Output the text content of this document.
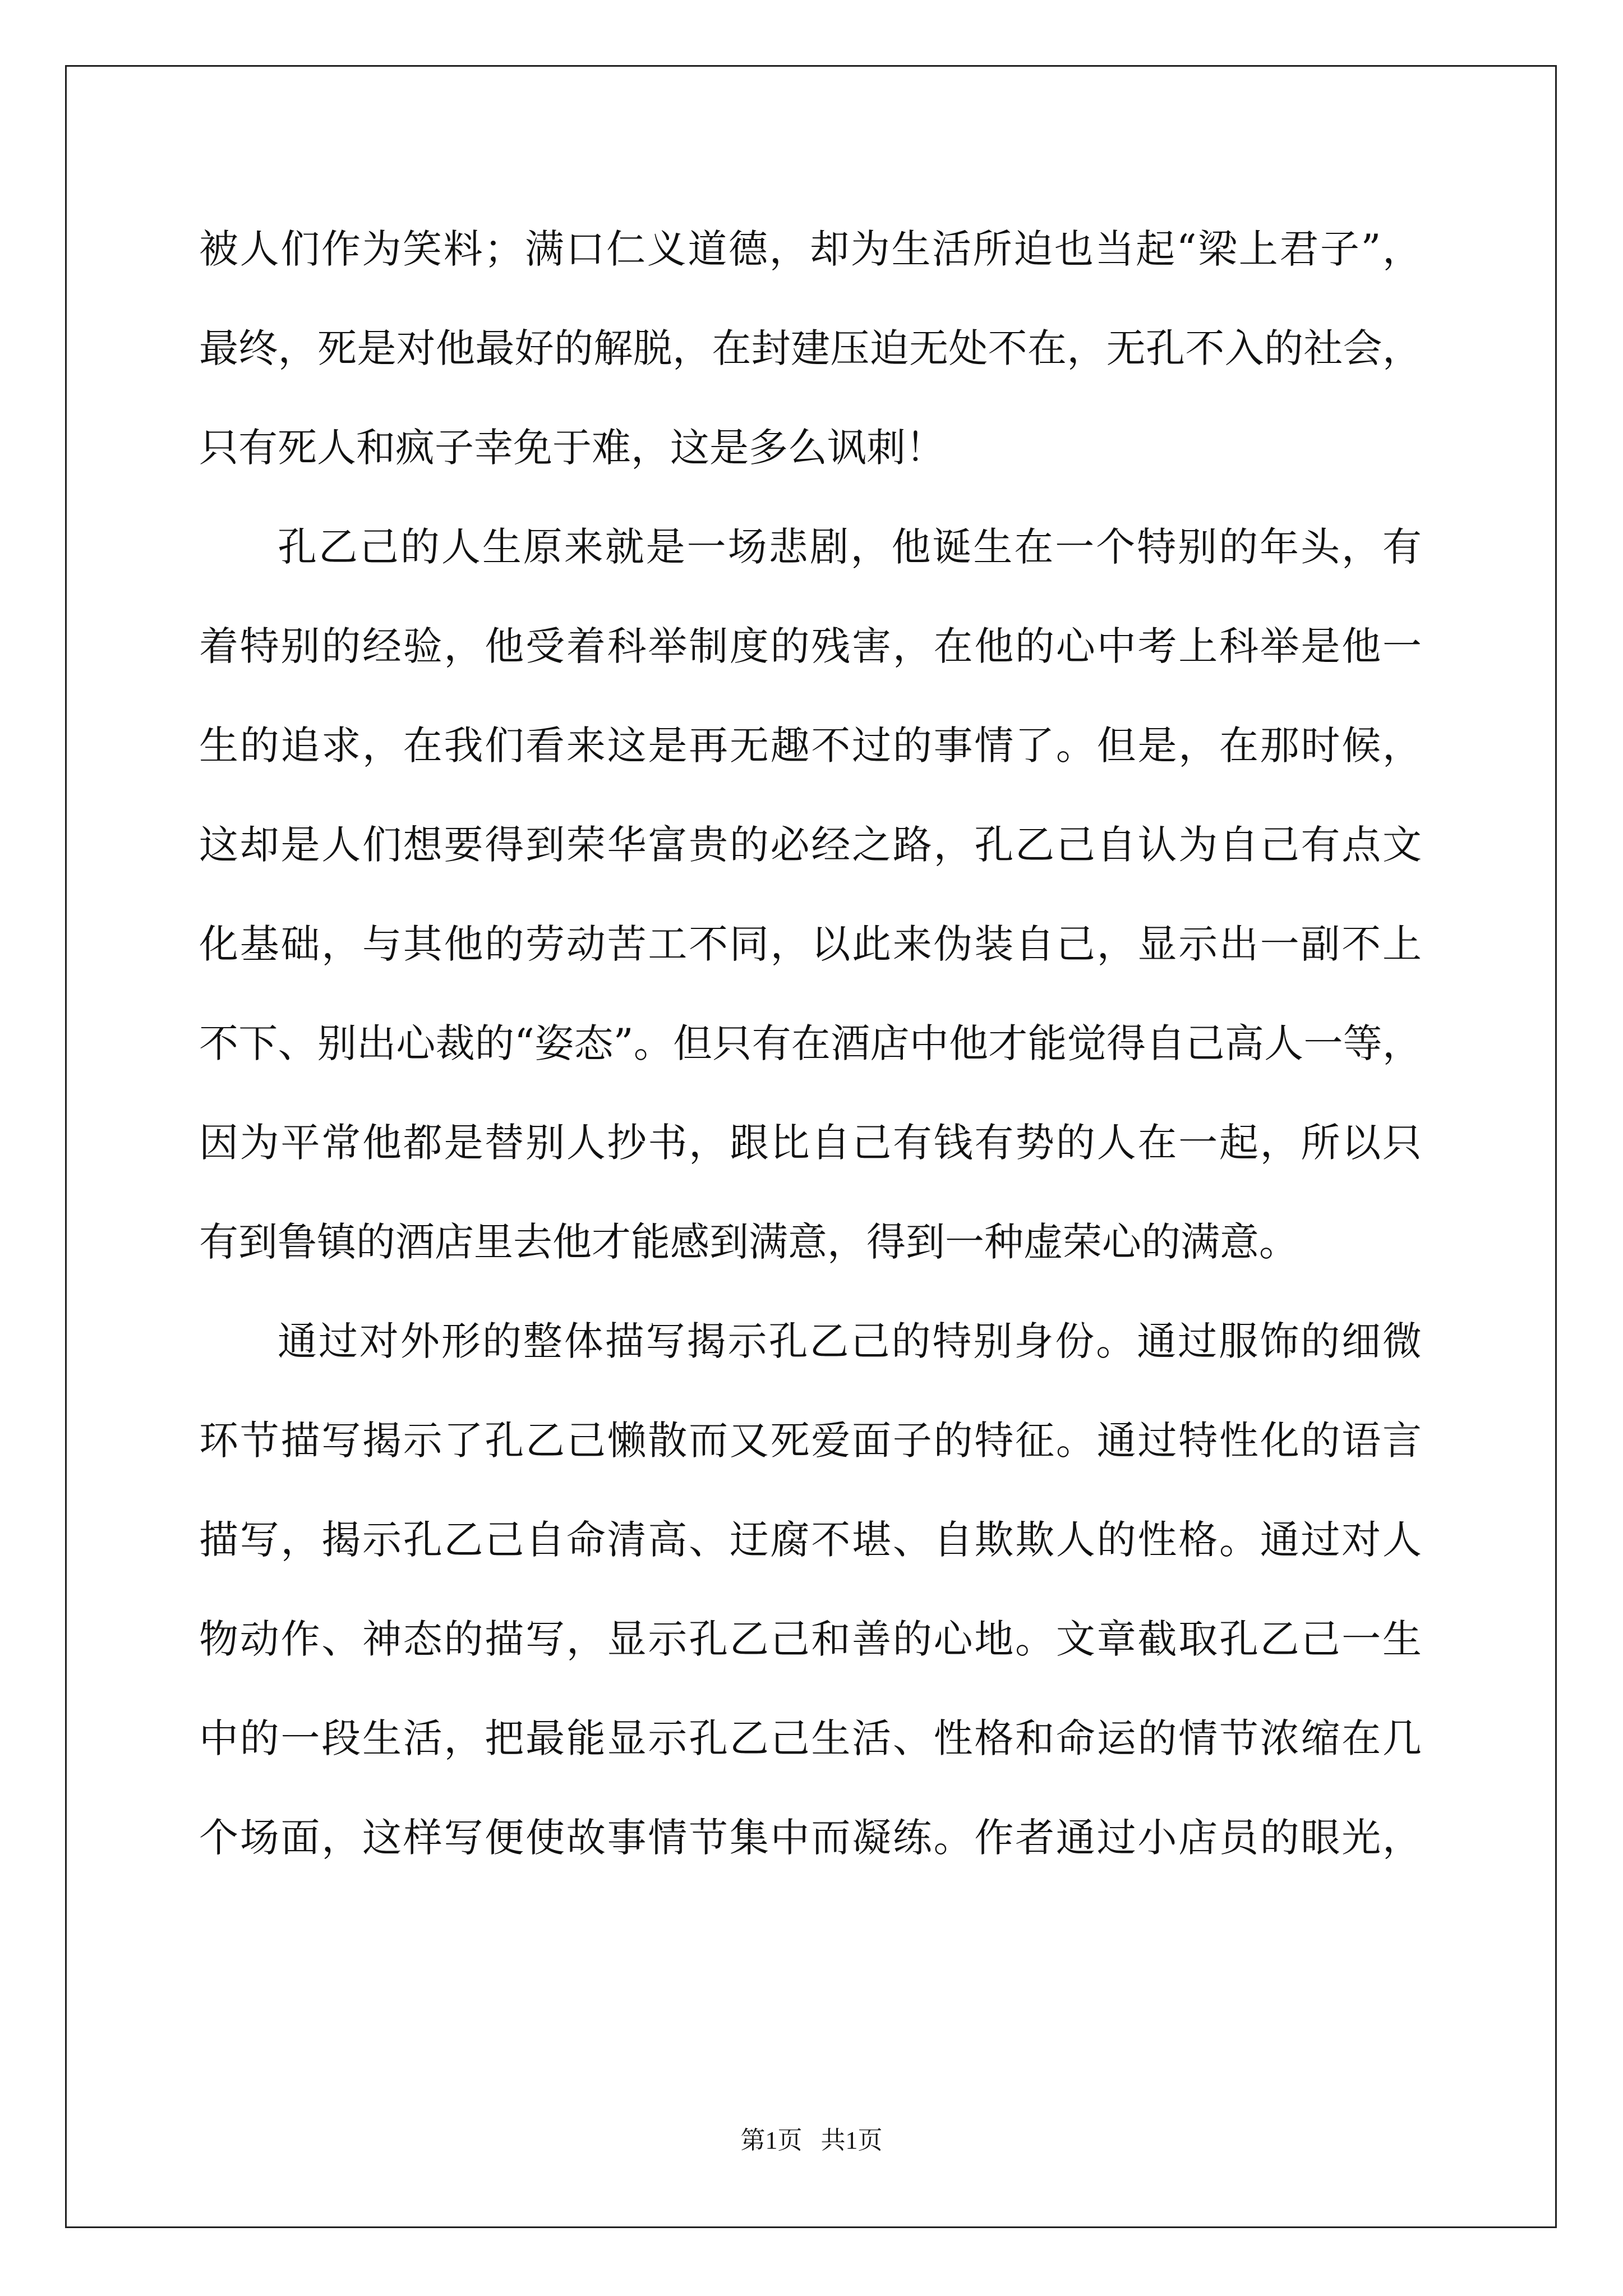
被人们作为笑料；满口仁义道德，却为生活所迫也当起“梁上君子”，
最终，死是对他最好的解脱，在封建压迫无处不在，无孔不入的社会，
只有死人和疯子幸免于难，这是多么讽刺！
孔乙己的人生原来就是一场悲剧，他诞生在一个特别的年头，有
着特别的经验，他受着科举制度的残害，在他的心中考上科举是他一
生的追求，在我们看来这是再无趣不过的事情了。但是，在那时候，
这却是人们想要得到荣华富贵的必经之路，孔乙己自认为自己有点文
化基础，与其他的劳动苦工不同，以此来伪装自己，显示出一副不上
不下、别出心裁的“姿态”。但只有在酒店中他才能觉得自己高人一等，
因为平常他都是替别人抄书，跟比自己有钱有势的人在一起，所以只
有到鲁镇的酒店里去他才能感到满意，得到一种虚荣心的满意。
通过对外形的整体描写揭示孔乙己的特别身份。通过服饰的细微
环节描写揭示了孔乙己懒散而又死爱面子的特征。通过特性化的语言
描写，揭示孔乙己自命清高、迂腐不堪、自欺欺人的性格。通过对人
物动作、神态的描写，显示孔乙己和善的心地。文章截取孔乙己一生
中的一段生活，把最能显示孔乙己生活、性格和命运的情节浓缩在几
个场面，这样写便使故事情节集中而凝练。作者通过小店员的眼光，
第1页   共1页
